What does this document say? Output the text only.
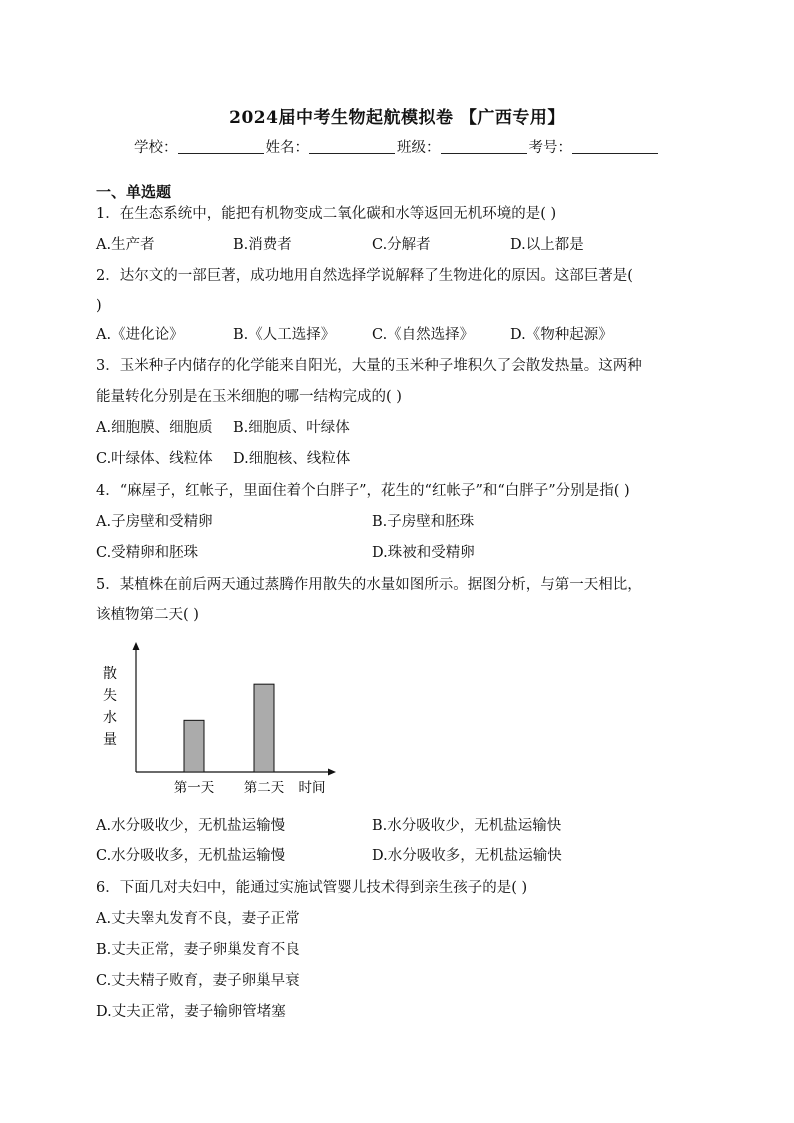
2024届中考生物起航模拟卷 【广西专用】
学校：	姓名：	班级：	考号：
一、单选题
1．在生态系统中，能把有机物变成二氧化碳和水等返回无机环境的是( )
A.生产者	B.消费者	C.分解者	D.以上都是
2．达尔文的一部巨著，成功地用自然选择学说解释了生物进化的原因。这部巨著是(
)
A.《进化论》	B.《人工选择》	C.《自然选择》 D.《物种起源》
3．玉米种子内储存的化学能来自阳光，大量的玉米种子堆积久了会散发热量。这两种
能量转化分别是在玉米细胞的哪一结构完成的( )
A.细胞膜、细胞质 B.细胞质、叶绿体
C.叶绿体、线粒体 D.细胞核、线粒体
4．“麻屋子，红帐子，里面住着个白胖子”，花生的“红帐子”和“白胖子”分别是指( )
A.子房壁和受精卵	B.子房壁和胚珠
C.受精卵和胚珠	D.珠被和受精卵
5．某植株在前后两天通过蒸腾作用散失的水量如图所示。据图分析，与第一天相比，
该植物第二天( )
散
失
水
量
第一天 第二天 时间
A.水分吸收少，无机盐运输慢	B.水分吸收少，无机盐运输快
C.水分吸收多，无机盐运输慢	D.水分吸收多，无机盐运输快
6．下面几对夫妇中，能通过实施试管婴儿技术得到亲生孩子的是( )
A.丈夫睾丸发育不良，妻子正常
B.丈夫正常，妻子卵巢发育不良
C.丈夫精子败育，妻子卵巢早衰
D.丈夫正常，妻子输卵管堵塞
